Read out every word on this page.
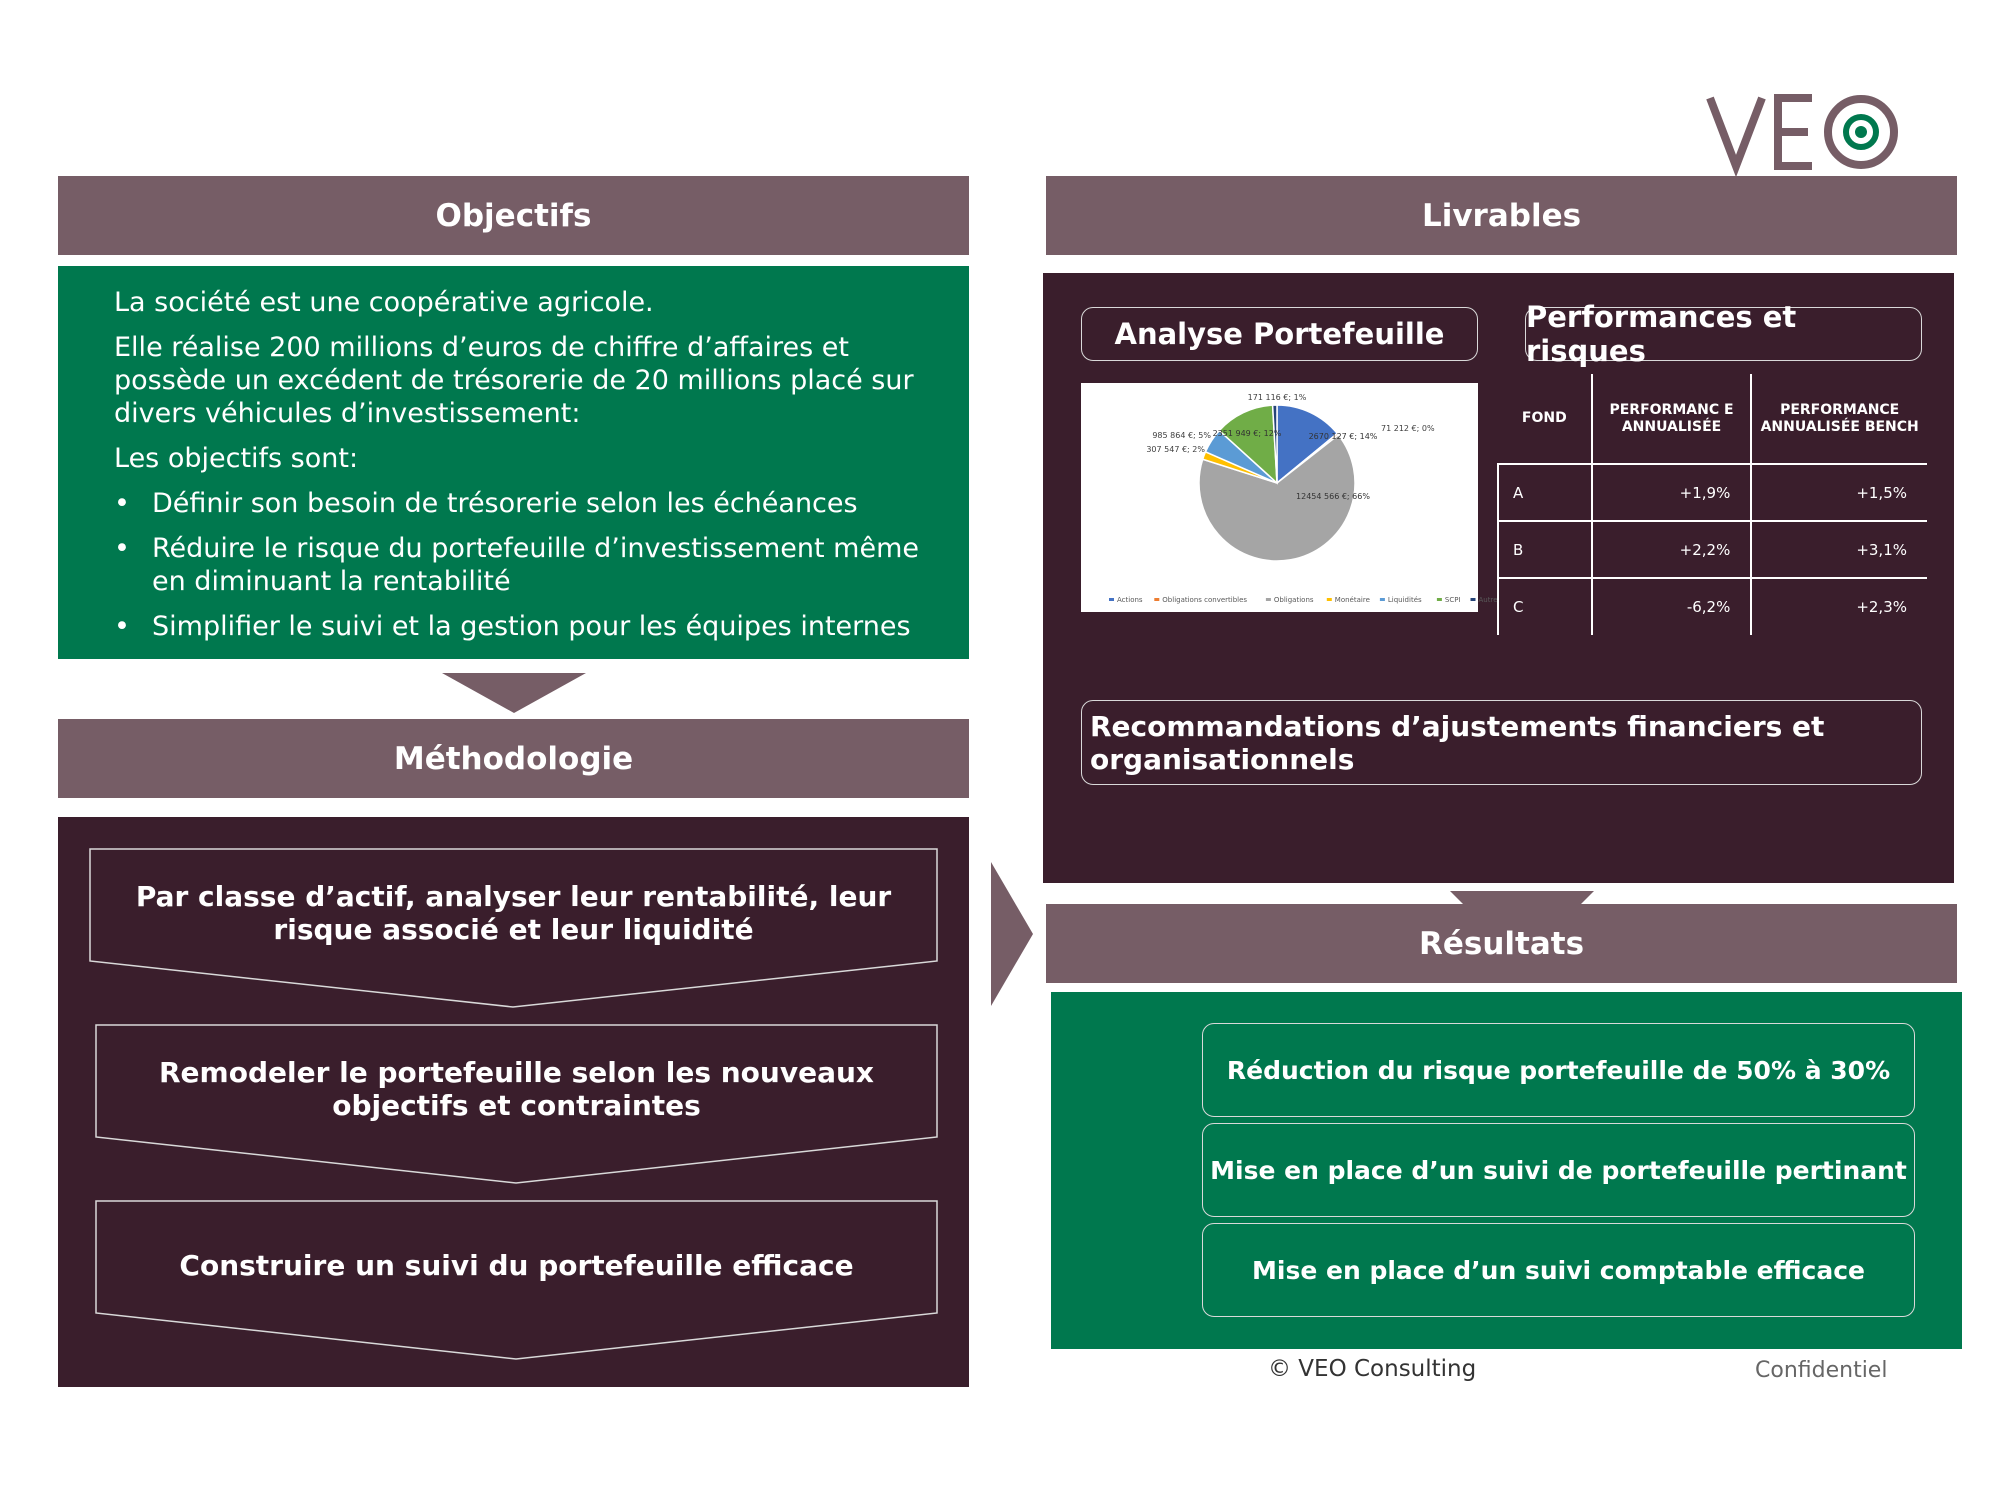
Objectifs

La société est une coopérative agricole.

Elle réalise 200 millions d’euros de chiffre d’affaires et possède un excédent de trésorerie de 20 millions placé sur divers véhicules d’investissement:

Les objectifs sont:

• Définir son besoin de trésorerie selon les échéances
• Réduire le risque du portefeuille d’investissement même en diminuant la rentabilité
• Simplifier le suivi et la gestion pour les équipes internes
Méthodologie
Par classe d’actif, analyser leur rentabilité, leur risque associé et leur liquidité
Remodeler le portefeuille selon les nouveaux objectifs et contraintes
Construire un suivi du portefeuille efficace
Livrables
Analyse Portefeuille	Performances et risques
2670 127 €; 14%
71 212 €; 0%
12454 566 €; 66%
307 547 €; 2%
985 864 €; 5% 2351 949 €; 12%
171 116 €; 1%
Actions	Obligations convertibles	Obligations	Monétaire	Liquidités	SCPI	Autre
FOND	PERFORMANC E ANNUALISÉE	PERFORMANCE ANNUALISÉE BENCH
A	+1,9%	+1,5%
B	+2,2%	+3,1%
C	-6,2%	+2,3%
Recommandations d’ajustements financiers et organisationnels
Résultats
Réduction du risque portefeuille de 50% à 30%
Mise en place d’un suivi de portefeuille pertinant
Mise en place d’un suivi comptable efficace
© VEO Consulting	Confidentiel
